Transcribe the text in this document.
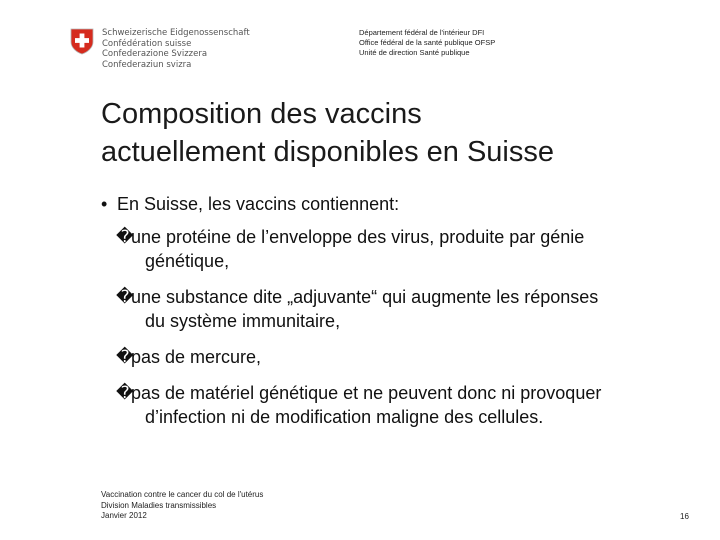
Schweizerische Eidgenossenschaft
Confédération suisse
Confederazione Svizzera
Confederaziun svizra
Département fédéral de l'intérieur DFI
Office fédéral de la santé publique OFSP
Unité de direction Santé publique
Composition des vaccins
actuellement disponibles en Suisse
• En Suisse, les vaccins contiennent:
�
une protéine de l’enveloppe des virus, produite par génie
génétique,
�
une substance dite „adjuvante“ qui augmente les réponses
du système immunitaire,
�
pas de mercure,
�
pas de matériel génétique et ne peuvent donc ni provoquer
d’infection ni de modification maligne des cellules.
Vaccination contre le cancer du col de l'utérus
Division Maladies transmissibles
Janvier 2012	16
